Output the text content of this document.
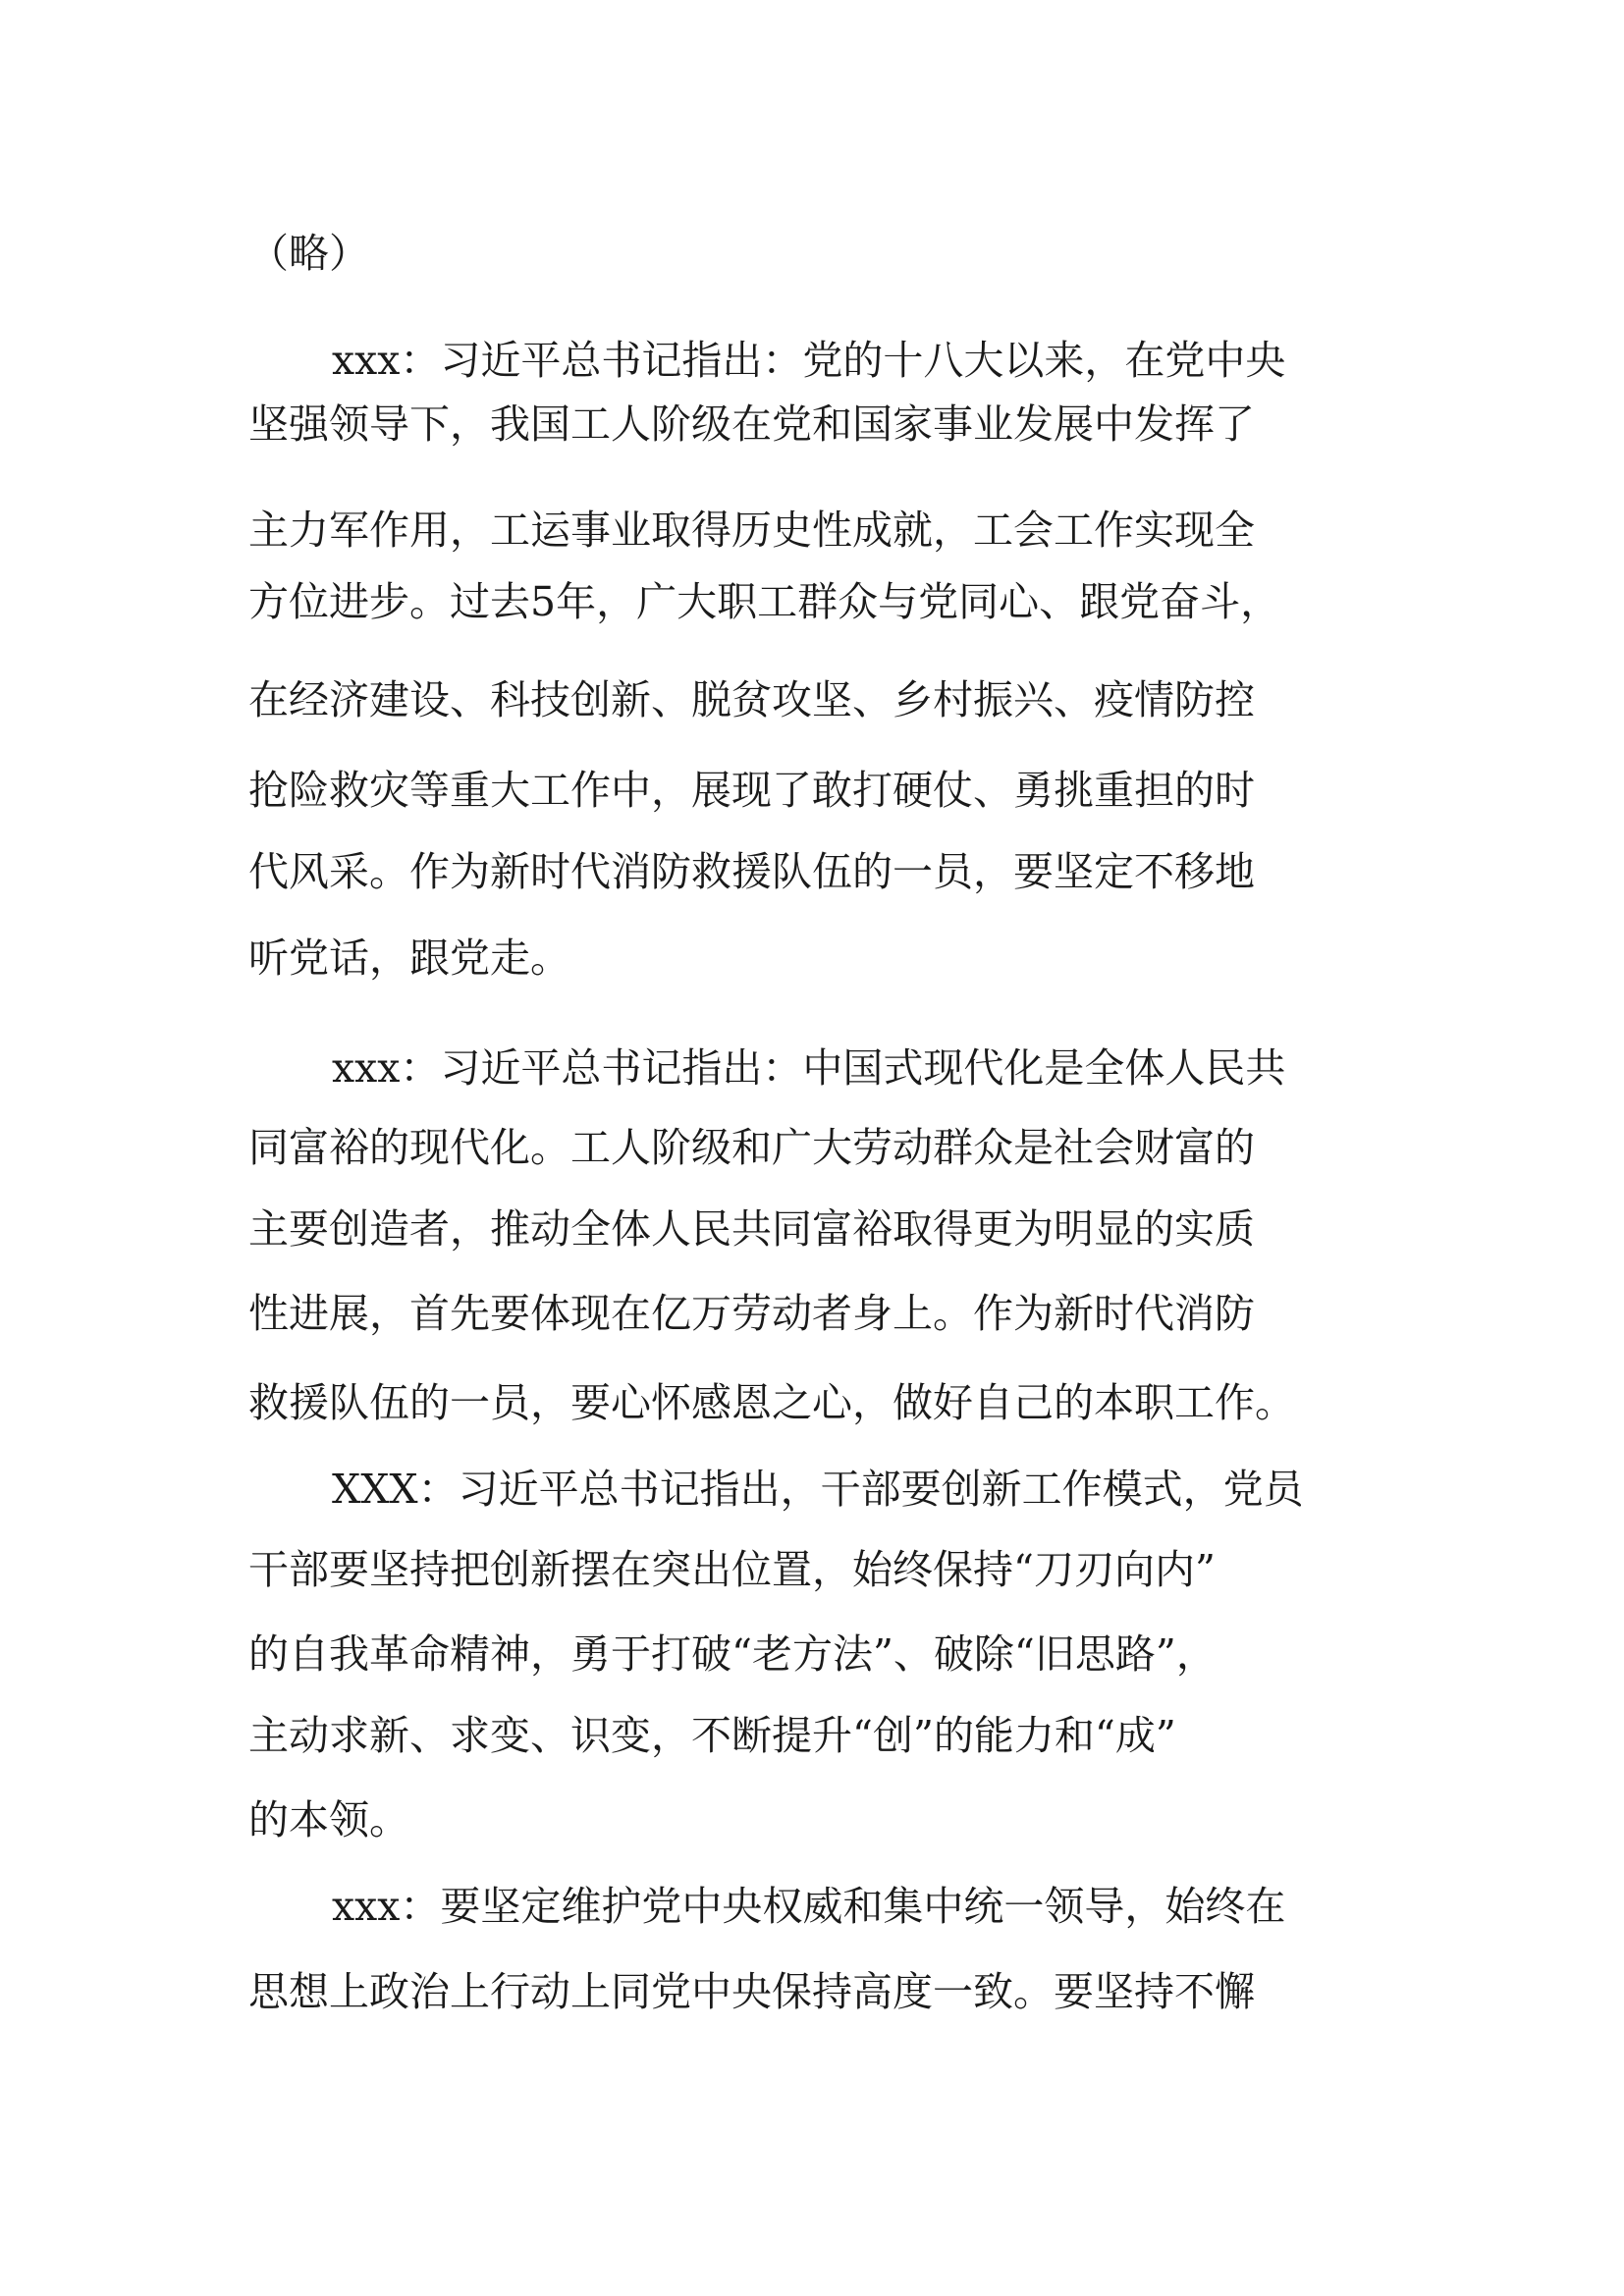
（略）

xxx：习近平总书记指出：党的十八大以来，在党中央

坚强领导下，我国工人阶级在党和国家事业发展中发挥了

主力军作用，工运事业取得历史性成就，工会工作实现全

方位进步。过去5年，广大职工群众与党同心、跟党奋斗，

在经济建设、科技创新、脱贫攻坚、乡村振兴、疫情防控

抢险救灾等重大工作中，展现了敢打硬仗、勇挑重担的时

代风采。作为新时代消防救援队伍的一员，要坚定不移地

听党话，跟党走。

xxx：习近平总书记指出：中国式现代化是全体人民共

同富裕的现代化。工人阶级和广大劳动群众是社会财富的

主要创造者，推动全体人民共同富裕取得更为明显的实质

性进展，首先要体现在亿万劳动者身上。作为新时代消防

救援队伍的一员，要心怀感恩之心，做好自己的本职工作。

XXX：习近平总书记指出，干部要创新工作模式，党员

干部要坚持把创新摆在突出位置，始终保持“刀刃向内”

的自我革命精神，勇于打破“老方法”、破除“旧思路”，

主动求新、求变、识变，不断提升“创”的能力和“成”

的本领。

xxx：要坚定维护党中央权威和集中统一领导，始终在

思想上政治上行动上同党中央保持高度一致。要坚持不懈
